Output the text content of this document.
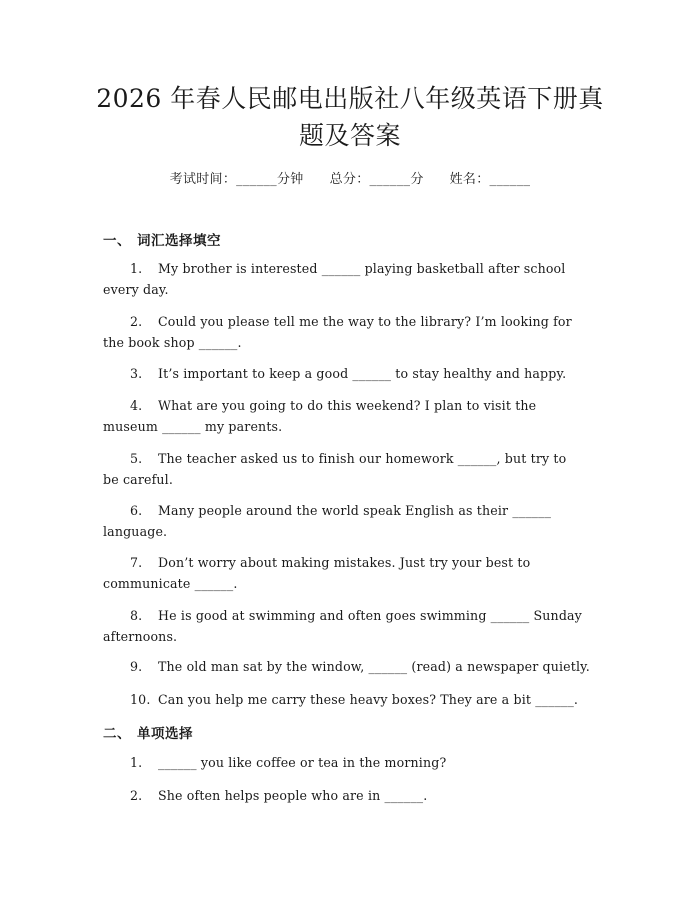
2026 年春人民邮电出版社八年级英语下册真
题及答案
考试时间：______分钟 总分：______分 姓名：______
一、 词汇选择填空
1. My brother is interested ______ playing basketball after school
every day.
2. Could you please tell me the way to the library? I’m looking for
the book shop ______.
3. It’s important to keep a good ______ to stay healthy and happy.
4. What are you going to do this weekend? I plan to visit the
museum ______ my parents.
5. The teacher asked us to finish our homework ______, but try to
be careful.
6. Many people around the world speak English as their ______
language.
7. Don’t worry about making mistakes. Just try your best to
communicate ______.
8. He is good at swimming and often goes swimming ______ Sunday
afternoons.
9. The old man sat by the window, ______ (read) a newspaper quietly.
10. Can you help me carry these heavy boxes? They are a bit ______.
二、 单项选择
1. ______ you like coffee or tea in the morning?
2. She often helps people who are in ______.
